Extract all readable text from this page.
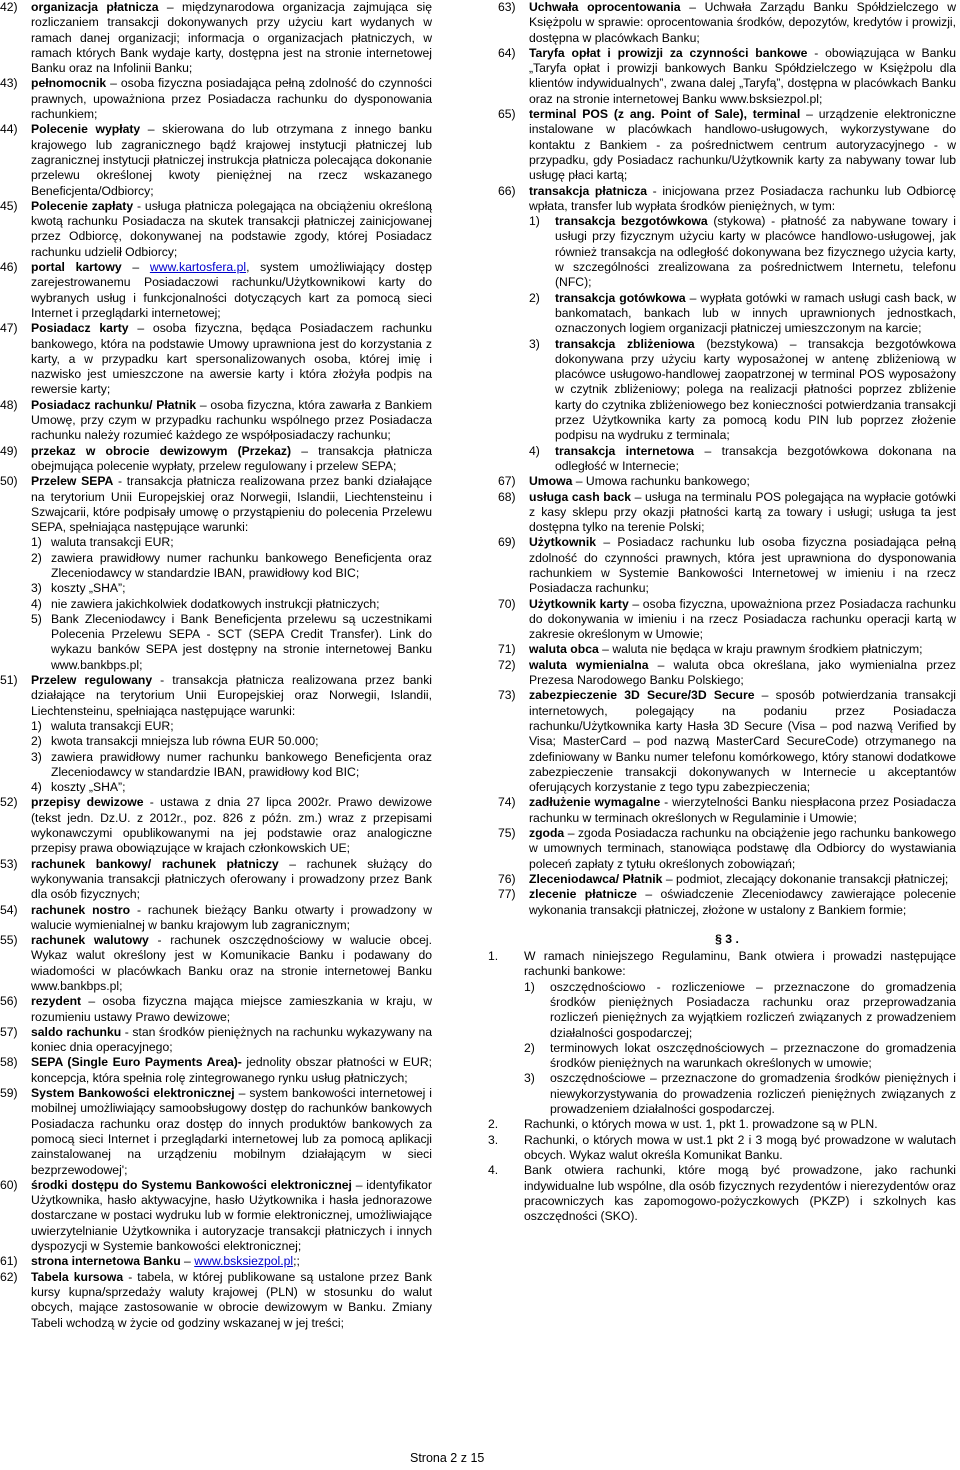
42) organizacja płatnicza – międzynarodowa organizacja zajmująca się rozliczaniem transakcji dokonywanych przy użyciu kart wydanych w ramach danej organizacji; informacja o organizacjach płatniczych, w ramach których Bank wydaje karty, dostępna jest na stronie internetowej Banku oraz na Infolinii Banku;
43) pełnomocnik – osoba fizyczna posiadająca pełną zdolność do czynności prawnych, upoważniona przez Posiadacza rachunku do dysponowania rachunkiem;
44) Polecenie wypłaty – skierowana do lub otrzymana z innego banku krajowego lub zagranicznego bądź krajowej instytucji płatniczej lub zagranicznej instytucji płatniczej instrukcja płatnicza polecająca dokonanie przelewu określonej kwoty pieniężnej na rzecz wskazanego Beneficjenta/Odbiorcy;
45) Polecenie zapłaty - usługa płatnicza polegająca na obciążeniu określoną kwotą rachunku Posiadacza na skutek transakcji płatniczej zainicjowanej przez Odbiorcę, dokonywanej na podstawie zgody, której Posiadacz rachunku udzielił Odbiorcy;
46) portal kartowy – www.kartosfera.pl, system umożliwiający dostęp zarejestrowanemu Posiadaczowi rachunku/Użytkownikowi karty do wybranych usług i funkcjonalności dotyczących kart za pomocą sieci Internet i przeglądarki internetowej;
47) Posiadacz karty – osoba fizyczna, będąca Posiadaczem rachunku bankowego, która na podstawie Umowy uprawniona jest do korzystania z karty, a w przypadku kart spersonalizowanych osoba, której imię i nazwisko jest umieszczone na awersie karty i która złożyła podpis na rewersie karty;
48) Posiadacz rachunku/ Płatnik – osoba fizyczna, która zawarła z Bankiem Umowę, przy czym w przypadku rachunku wspólnego przez Posiadacza rachunku należy rozumieć każdego ze współposiadaczy rachunku;
49) przekaz w obrocie dewizowym (Przekaz) – transakcja płatnicza obejmująca polecenie wypłaty, przelew regulowany i przelew SEPA;
50) Przelew SEPA - transakcja płatnicza realizowana przez banki działające na terytorium Unii Europejskiej oraz Norwegii, Islandii, Liechtensteinu i Szwajcarii, które podpisały umowę o przystąpieniu do polecenia Przelewu SEPA, spełniająca następujące warunki:
1) waluta transakcji EUR;
2) zawiera prawidłowy numer rachunku bankowego Beneficjenta oraz Zleceniodawcy w standardzie IBAN, prawidłowy kod BIC;
3) koszty „SHA”;
4) nie zawiera jakichkolwiek dodatkowych instrukcji płatniczych;
5) Bank Zleceniodawcy i Bank Beneficjenta przelewu są uczestnikami Polecenia Przelewu SEPA - SCT (SEPA Credit Transfer). Link do wykazu banków SEPA jest dostępny na stronie internetowej Banku www.bankbps.pl;
51) Przelew regulowany - transakcja płatnicza realizowana przez banki działające na terytorium Unii Europejskiej oraz Norwegii, Islandii, Liechtensteinu, spełniająca następujące warunki:
1) waluta transakcji EUR;
2) kwota transakcji mniejsza lub równa EUR 50.000;
3) zawiera prawidłowy numer rachunku bankowego Beneficjenta oraz Zleceniodawcy w standardzie IBAN, prawidłowy kod BIC;
4) koszty „SHA”;
52) przepisy dewizowe - ustawa z dnia 27 lipca 2002r. Prawo dewizowe (tekst jedn. Dz.U. z 2012r., poz. 826 z późn. zm.) wraz z przepisami wykonawczymi opublikowanymi na jej podstawie oraz analogiczne przepisy prawa obowiązujące w krajach członkowskich UE;
53) rachunek bankowy/ rachunek płatniczy – rachunek służący do wykonywania transakcji płatniczych oferowany i prowadzony przez Bank dla osób fizycznych;
54) rachunek nostro - rachunek bieżący Banku otwarty i prowadzony w walucie wymienialnej w banku krajowym lub zagranicznym;
55) rachunek walutowy - rachunek oszczędnościowy w walucie obcej. Wykaz walut określony jest w Komunikacie Banku i podawany do wiadomości w placówkach Banku oraz na stronie internetowej Banku www.bankbps.pl;
56) rezydent – osoba fizyczna mająca miejsce zamieszkania w kraju, w rozumieniu ustawy Prawo dewizowe;
57) saldo rachunku - stan środków pieniężnych na rachunku wykazywany na koniec dnia operacyjnego;
58) SEPA (Single Euro Payments Area)- jednolity obszar płatności w EUR; koncepcja, która spełnia rolę zintegrowanego rynku usług płatniczych;
59) System Bankowości elektronicznej – system bankowości internetowej i mobilnej umożliwiający samoobsługowy dostęp do rachunków bankowych Posiadacza rachunku oraz dostęp do innych produktów bankowych za pomocą sieci Internet i przeglądarki internetowej lub za pomocą aplikacji zainstalowanej na urządzeniu mobilnym działającym w sieci bezprzewodowej';
60) środki dostępu do Systemu Bankowości elektronicznej – identyfikator Użytkownika, hasło aktywacyjne, hasło Użytkownika i hasła jednorazowe dostarczane w postaci wydruku lub w formie elektronicznej, umożliwiające uwierzytelnianie Użytkownika i autoryzacje transakcji płatniczych i innych dyspozycji w Systemie bankowości elektronicznej;
61) strona internetowa Banku – www.bsksiezpol.pl;;
62) Tabela kursowa - tabela, w której publikowane są ustalone przez Bank kursy kupna/sprzedaży waluty krajowej (PLN) w stosunku do walut obcych, mające zastosowanie w obrocie dewizowym w Banku. Zmiany Tabeli wchodzą w życie od godziny wskazanej w jej treści;
63) Uchwała oprocentowania – Uchwała Zarządu Banku Spółdzielczego w Księżpolu w sprawie: oprocentowania środków, depozytów, kredytów i prowizji, dostępna w placówkach Banku;
64) Taryfa opłat i prowizji za czynności bankowe - obowiązująca w Banku „Taryfa opłat i prowizji bankowych Banku Spółdzielczego w Księżpolu dla klientów indywidualnych”, zwana dalej „Taryfą”, dostępna w placówkach Banku oraz na stronie internetowej Banku www.bsksiezpol.pl;
65) terminal POS (z ang. Point of Sale), terminal – urządzenie elektroniczne instalowane w placówkach handlowo-usługowych, wykorzystywane do kontaktu z Bankiem - za pośrednictwem centrum autoryzacyjnego - w przypadku, gdy Posiadacz rachunku/Użytkownik karty za nabywany towar lub usługę płaci kartą;
66) transakcja płatnicza - inicjowana przez Posiadacza rachunku lub Odbiorcę wpłata, transfer lub wypłata środków pieniężnych, w tym:
1) transakcja bezgotówkowa (stykowa) - płatność za nabywane towary i usługi przy fizycznym użyciu karty w placówce handlowo-usługowej, jak również transakcja na odległość dokonywana bez fizycznego użycia karty, w szczególności zrealizowana za pośrednictwem Internetu, telefonu (NFC);
2) transakcja gotówkowa – wypłata gotówki w ramach usługi cash back, w bankomatach, bankach lub w innych uprawnionych jednostkach, oznaczonych logiem organizacji płatniczej umieszczonym na karcie;
3) transakcja zbliżeniowa (bezstykowa) – transakcja bezgotówkowa dokonywana przy użyciu karty wyposażonej w antenę zbliżeniową w placówce usługowo-handlowej zaopatrzonej w terminal POS wyposażony w czytnik zbliżeniowy; polega na realizacji płatności poprzez zbliżenie karty do czytnika zbliżeniowego bez konieczności potwierdzania transakcji przez Użytkownika karty za pomocą kodu PIN lub poprzez złożenie podpisu na wydruku z terminala;
4) transakcja internetowa – transakcja bezgotówkowa dokonana na odległość w Internecie;
67) Umowa – Umowa rachunku bankowego;
68) usługa cash back – usługa na terminalu POS polegająca na wypłacie gotówki z kasy sklepu przy okazji płatności kartą za towary i usługi; usługa ta jest dostępna tylko na terenie Polski;
69) Użytkownik – Posiadacz rachunku lub osoba fizyczna posiadająca pełną zdolność do czynności prawnych, która jest uprawniona do dysponowania rachunkiem w Systemie Bankowości Internetowej w imieniu i na rzecz Posiadacza rachunku;
70) Użytkownik karty – osoba fizyczna, upoważniona przez Posiadacza rachunku do dokonywania w imieniu i na rzecz Posiadacza rachunku operacji kartą w zakresie określonym w Umowie;
71) waluta obca – waluta nie będąca w kraju prawnym środkiem płatniczym;
72) waluta wymienialna – waluta obca określana, jako wymienialna przez Prezesa Narodowego Banku Polskiego;
73) zabezpieczenie 3D Secure/3D Secure – sposób potwierdzania transakcji internetowych, polegający na podaniu przez Posiadacza rachunku/Użytkownika karty Hasła 3D Secure (Visa – pod nazwą Verified by Visa; MasterCard – pod nazwą MasterCard SecureCode) otrzymanego na zdefiniowany w Banku numer telefonu komórkowego, który stanowi dodatkowe zabezpieczenie transakcji dokonywanych w Internecie u akceptantów oferujących korzystanie z tego typu zabezpieczenia;
74) zadłużenie wymagalne - wierzytelności Banku niespłacona przez Posiadacza rachunku w terminach określonych w Regulaminie i Umowie;
75) zgoda – zgoda Posiadacza rachunku na obciążenie jego rachunku bankowego w umownych terminach, stanowiąca podstawę dla Odbiorcy do wystawiania poleceń zapłaty z tytułu określonych zobowiązań;
76) Zleceniodawca/ Płatnik – podmiot, zlecający dokonanie transakcji płatniczej;
77) zlecenie płatnicze – oświadczenie Zleceniodawcy zawierające polecenie wykonania transakcji płatniczej, złożone w ustalony z Bankiem formie;
§ 3 .
1. W ramach niniejszego Regulaminu, Bank otwiera i prowadzi następujące rachunki bankowe:
1) oszczędnościowo - rozliczeniowe – przeznaczone do gromadzenia środków pieniężnych Posiadacza rachunku oraz przeprowadzania rozliczeń pieniężnych za wyjątkiem rozliczeń związanych z prowadzeniem działalności gospodarczej;
2) terminowych lokat oszczędnościowych – przeznaczone do gromadzenia środków pieniężnych na warunkach określonych w umowie;
3) oszczędnościowe – przeznaczone do gromadzenia środków pieniężnych i niewykorzystywania do prowadzenia rozliczeń pieniężnych związanych z prowadzeniem działalności gospodarczej.
2. Rachunki, o których mowa w ust. 1, pkt 1. prowadzone są w PLN.
3. Rachunki, o których mowa w ust.1 pkt 2 i 3 mogą być prowadzone w walutach obcych. Wykaz walut określa Komunikat Banku.
4. Bank otwiera rachunki, które mogą być prowadzone, jako rachunki indywidualne lub wspólne, dla osób fizycznych rezydentów i nierezydentów oraz pracowniczych kas zapomogowo-pożyczkowych (PKZP) i szkolnych kas oszczędności (SKO).
Strona 2 z 15
